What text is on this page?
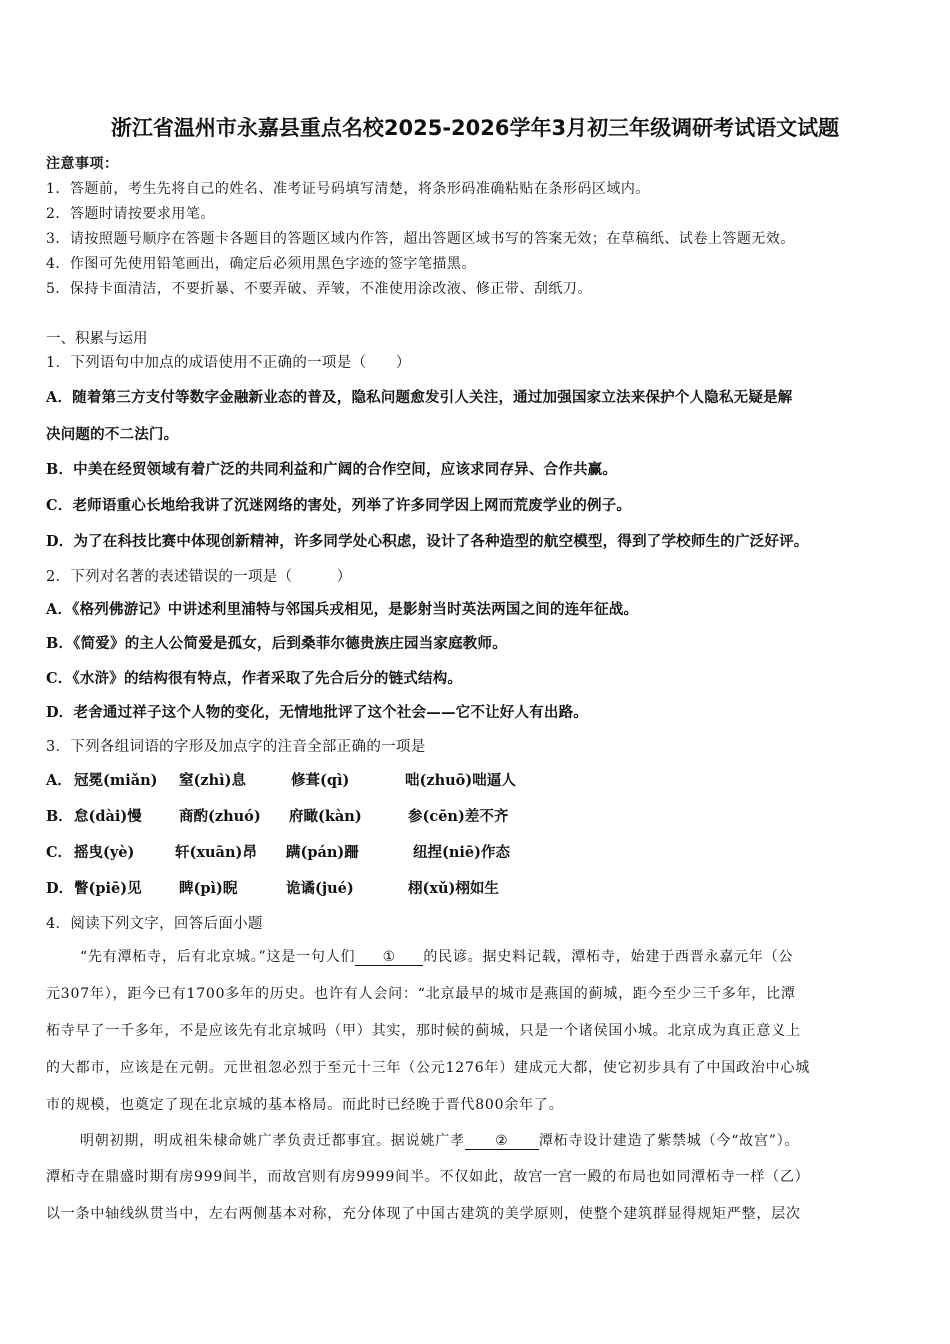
浙江省温州市永嘉县重点名校2025-2026学年3月初三年级调研考试语文试题
注意事项：
1．答题前，考生先将自己的姓名、准考证号码填写清楚，将条形码准确粘贴在条形码区域内。
2．答题时请按要求用笔。
3．请按照题号顺序在答题卡各题目的答题区域内作答，超出答题区域书写的答案无效；在草稿纸、试卷上答题无效。
4．作图可先使用铅笔画出，确定后必须用黑色字迹的签字笔描黑。
5．保持卡面清洁，不要折暴、不要弄破、弄皱，不准使用涂改液、修正带、刮纸刀。
一、积累与运用
1．下列语句中加点的成语使用不正确的一项是（　　）
A．随着第三方支付等数字金融新业态的普及，隐私问题愈发引人关注，通过加强国家立法来保护个人隐私无疑是解
决问题的不二法门。
B．中美在经贸领域有着广泛的共同利益和广阔的合作空间，应该求同存异、合作共赢。
C．老师语重心长地给我讲了沉迷网络的害处，列举了许多同学因上网而荒废学业的例子。
D．为了在科技比赛中体现创新精神，许多同学处心积虑，设计了各种造型的航空模型，得到了学校师生的广泛好评。
2．下列对名著的表述错误的一项是（　　　）
A．《格列佛游记》中讲述利里浦特与邻国兵戎相见，是影射当时英法两国之间的连年征战。
B．《简爱》的主人公简爱是孤女，后到桑菲尔德贵族庄园当家庭教师。
C．《水浒》的结构很有特点，作者采取了先合后分的链式结构。
D．老舍通过祥子这个人物的变化，无情地批评了这个社会——它不让好人有出路。
3．下列各组词语的字形及加点字的注音全部正确的一项是
A． 冠冕(miǎn) 窒(zhì)息	修葺(qì)	咄(zhuō)咄逼人
B． 怠(dài)慢	商酌(zhuó) 府瞰(kàn)	参(cēn)差不齐
C． 摇曳(yè)	轩(xuān)昂 蹒(pán)跚	纽捏(niē)作态
D． 瞥(piē)见	睥(pì)睨	诡谲(jué)	栩(xǔ)栩如生
4．阅读下列文字，回答后面小题
“先有潭柘寺，后有北京城。”这是一句人们 ① 的民谚。据史料记载，潭柘寺，始建于西晋永嘉元年（公
元307年），距今已有1700多年的历史。也许有人会问：“北京最早的城市是燕国的蓟城，距今至少三千多年，比潭
柘寺早了一千多年，不是应该先有北京城吗（甲）其实，那时候的蓟城，只是一个诸侯国小城。北京成为真正意义上
的大都市，应该是在元朝。元世祖忽必烈于至元十三年（公元1276年）建成元大都，使它初步具有了中国政治中心城
市的规模，也奠定了现在北京城的基本格局。而此时已经晚于晋代800余年了。
明朝初期，明成祖朱棣命姚广孝负责迁都事宜。据说姚广孝 ② 潭柘寺设计建造了紫禁城（今“故宫”）。
潭柘寺在鼎盛时期有房999间半，而故宫则有房9999间半。不仅如此，故宫一宫一殿的布局也如同潭柘寺一样（乙）
以一条中轴线纵贯当中，左右两侧基本对称，充分体现了中国古建筑的美学原则，使整个建筑群显得规矩严整，层次
